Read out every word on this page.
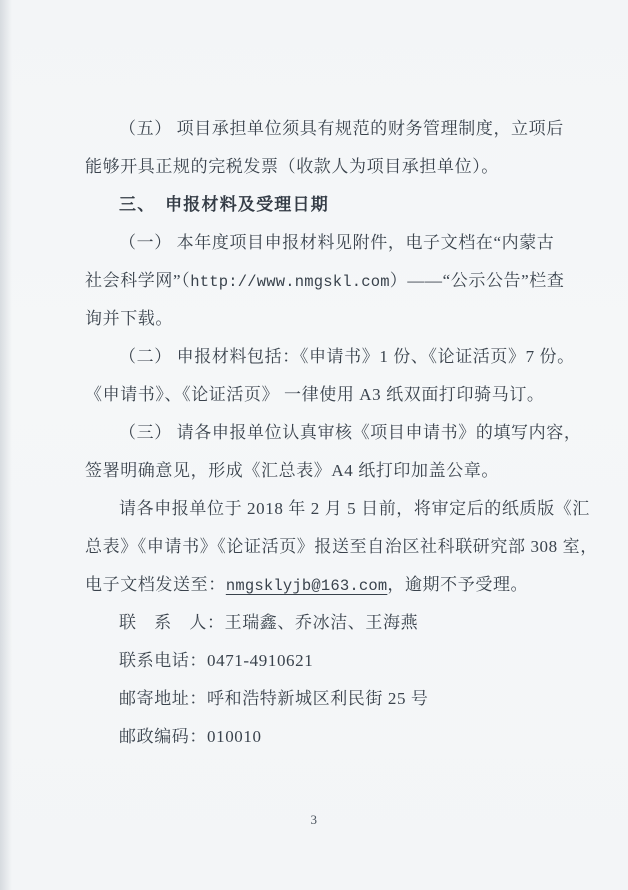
（五） 项目承担单位须具有规范的财务管理制度，立项后
能够开具正规的完税发票（收款人为项目承担单位）。
三、　申报材料及受理日期
（一） 本年度项目申报材料见附件，电子文档在“内蒙古
社会科学网”（http://www.nmgskl.com）——“公示公告”栏查
询并下载。
（二） 申报材料包括：《申请书》1 份、《论证活页》7 份。
《申请书》、《论证活页》 一律使用 A3 纸双面打印骑马订。
（三） 请各申报单位认真审核《项目申请书》的填写内容，
签署明确意见，形成《汇总表》A4 纸打印加盖公章。
请各申报单位于 2018 年 2 月 5 日前，将审定后的纸质版《汇
总表》《申请书》《论证活页》报送至自治区社科联研究部 308 室，
电子文档发送至：nmgsklyjb@163.com，逾期不予受理。
联　系　人：王瑞鑫、乔冰洁、王海燕
联系电话：0471-4910621
邮寄地址：呼和浩特新城区利民街 25 号
邮政编码：010010
3
